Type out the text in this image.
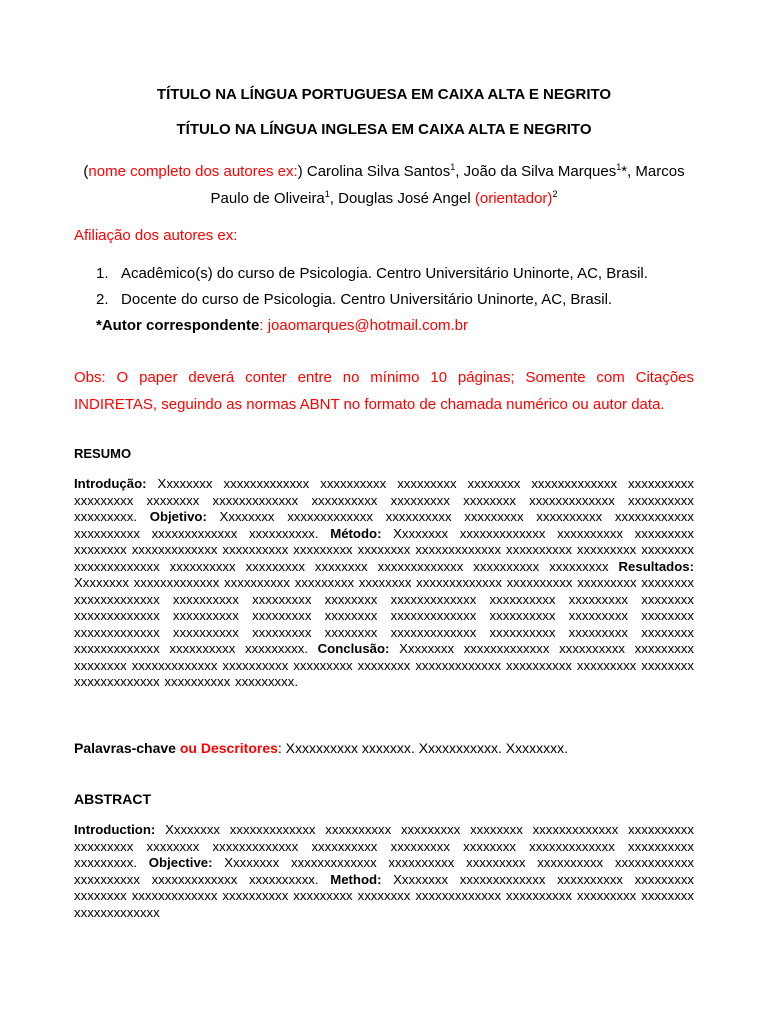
TÍTULO NA LÍNGUA PORTUGUESA EM CAIXA ALTA E NEGRITO
TÍTULO NA LÍNGUA INGLESA EM CAIXA ALTA E NEGRITO
(nome completo dos autores ex:) Carolina Silva Santos$^1$, João da Silva Marques$^1$*, Marcos Paulo de Oliveira$^1$, Douglas José Angel (orientador)$^2$
Afiliação dos autores ex:
1. Acadêmico(s) do curso de Psicologia. Centro Universitário Uninorte, AC, Brasil.
2. Docente do curso de Psicologia. Centro Universitário Uninorte, AC, Brasil.
*Autor correspondente: joaomarques@hotmail.com.br
Obs: O paper deverá conter entre no mínimo 10 páginas; Somente com Citações
INDIRETAS, seguindo as normas ABNT no formato de chamada numérico ou autor data.
RESUMO
Introdução: Xxxxxxxx xxxxxxxxxxxxx xxxxxxxxxx xxxxxxxxx xxxxxxxx xxxxxxxxxxxxx xxxxxxxxxx xxxxxxxxx xxxxxxxx xxxxxxxxxxxxx xxxxxxxxxx xxxxxxxxx xxxxxxxx xxxxxxxxxxxxx xxxxxxxxxx xxxxxxxxx. Objetivo: Xxxxxxxx xxxxxxxxxxxxx xxxxxxxxxx xxxxxxxxx xxxxxxxxxx xxxxxxxxxxxx xxxxxxxxxx xxxxxxxxxxxxx xxxxxxxxxx. Método: Xxxxxxxx xxxxxxxxxxxxx xxxxxxxxxx xxxxxxxxx xxxxxxxx xxxxxxxxxxxxx xxxxxxxxxx xxxxxxxxx xxxxxxxx xxxxxxxxxxxxx xxxxxxxxxx xxxxxxxxx xxxxxxxx xxxxxxxxxxxxx xxxxxxxxxx xxxxxxxxx xxxxxxxx xxxxxxxxxxxxx xxxxxxxxxx xxxxxxxxx Resultados: Xxxxxxxx xxxxxxxxxxxxx xxxxxxxxxx xxxxxxxxx xxxxxxxx xxxxxxxxxxxxx xxxxxxxxxx xxxxxxxxx xxxxxxxx xxxxxxxxxxxxx xxxxxxxxxx xxxxxxxxx xxxxxxxx xxxxxxxxxxxxx xxxxxxxxxx xxxxxxxxx xxxxxxxx xxxxxxxxxxxxx xxxxxxxxxx xxxxxxxxx xxxxxxxx xxxxxxxxxxxxx xxxxxxxxxx xxxxxxxxx xxxxxxxx xxxxxxxxxxxxx xxxxxxxxxx xxxxxxxxx xxxxxxxx xxxxxxxxxxxxx xxxxxxxxxx xxxxxxxxx xxxxxxxx xxxxxxxxxxxxx xxxxxxxxxx xxxxxxxxx. Conclusão: Xxxxxxxx xxxxxxxxxxxxx xxxxxxxxxx xxxxxxxxx xxxxxxxx xxxxxxxxxxxxx xxxxxxxxxx xxxxxxxxx xxxxxxxx xxxxxxxxxxxxx xxxxxxxxxx xxxxxxxxx xxxxxxxx xxxxxxxxxxxxx xxxxxxxxxx xxxxxxxxx.
Palavras-chave ou Descritores: Xxxxxxxxxx xxxxxxx. Xxxxxxxxxxx. Xxxxxxxx.
ABSTRACT
Introduction: Xxxxxxxx xxxxxxxxxxxxx xxxxxxxxxx xxxxxxxxx xxxxxxxx xxxxxxxxxxxxx xxxxxxxxxx xxxxxxxxx xxxxxxxx xxxxxxxxxxxxx xxxxxxxxxx xxxxxxxxx xxxxxxxx xxxxxxxxxxxxx xxxxxxxxxx xxxxxxxxx. Objective: Xxxxxxxx xxxxxxxxxxxxx xxxxxxxxxx xxxxxxxxx xxxxxxxxxx xxxxxxxxxxxx xxxxxxxxxx xxxxxxxxxxxxx xxxxxxxxxx. Method: Xxxxxxxx xxxxxxxxxxxxx xxxxxxxxxx xxxxxxxxx xxxxxxxx xxxxxxxxxxxxx xxxxxxxxxx xxxxxxxxx xxxxxxxx xxxxxxxxxxxxx xxxxxxxxxx xxxxxxxxx xxxxxxxx xxxxxxxxxxxxx
